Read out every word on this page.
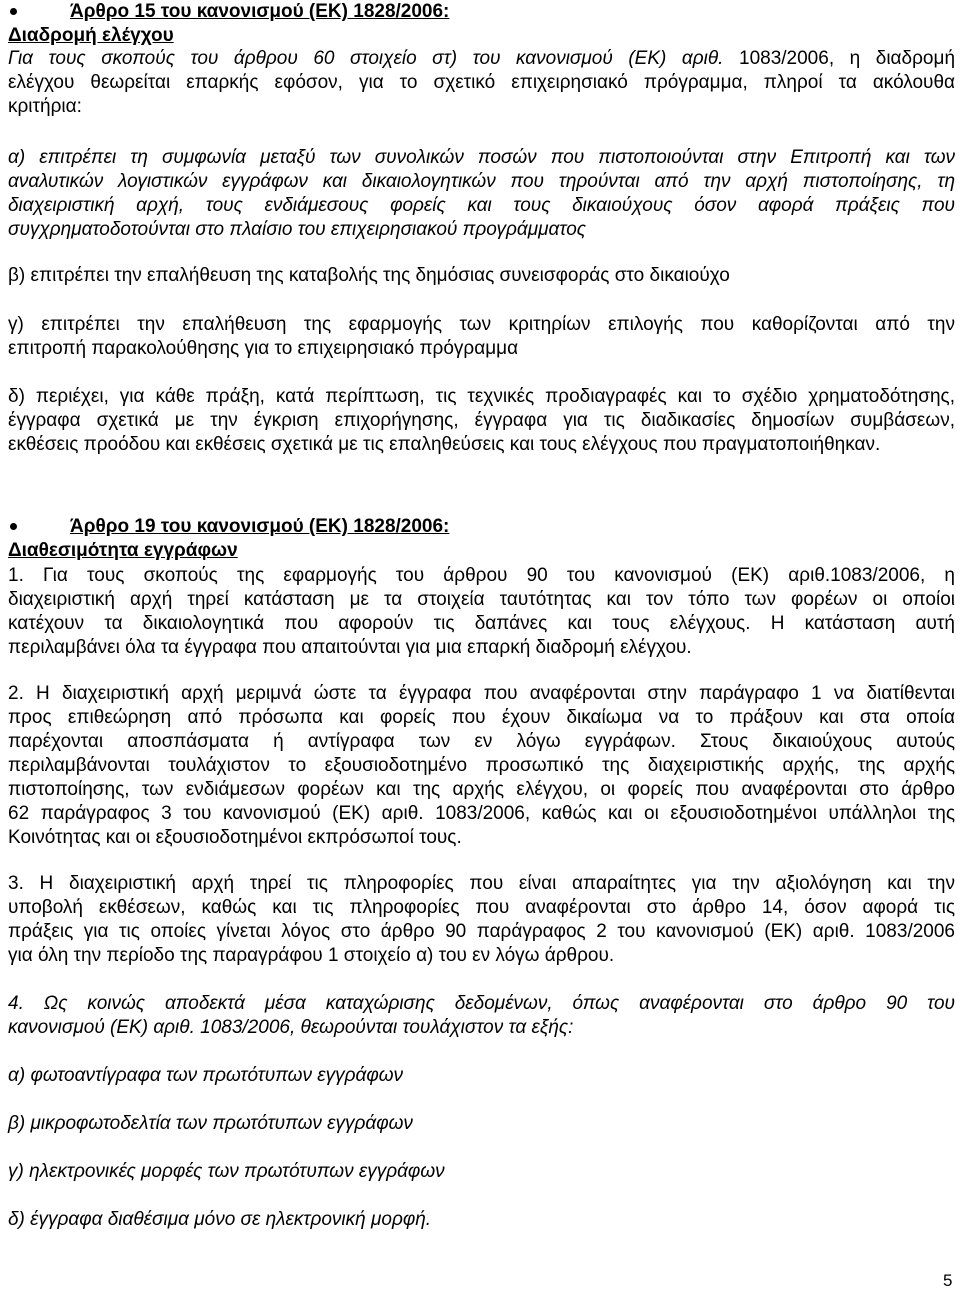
Άρθρο 15 του κανονισμού (ΕΚ) 1828/2006:
Διαδρομή ελέγχου
Για τους σκοπούς του άρθρου 60 στοιχείο στ) του κανονισμού (ΕΚ) αριθ. 1083/2006, η διαδρομή
ελέγχου θεωρείται επαρκής εφόσον, για το σχετικό επιχειρησιακό πρόγραμμα, πληροί τα ακόλουθα
κριτήρια:
α) επιτρέπει τη συμφωνία μεταξύ των συνολικών ποσών που πιστοποιούνται στην Επιτροπή και των
αναλυτικών λογιστικών εγγράφων και δικαιολογητικών που τηρούνται από την αρχή πιστοποίησης, τη
διαχειριστική αρχή, τους ενδιάμεσους φορείς και τους δικαιούχους όσον αφορά πράξεις που
συγχρηματοδοτούνται στο πλαίσιο του επιχειρησιακού προγράμματος
β) επιτρέπει την επαλήθευση της καταβολής της δημόσιας συνεισφοράς στο δικαιούχο
γ) επιτρέπει την επαλήθευση της εφαρμογής των κριτηρίων επιλογής που καθορίζονται από την
επιτροπή παρακολούθησης για το επιχειρησιακό πρόγραμμα
δ) περιέχει, για κάθε πράξη, κατά περίπτωση, τις τεχνικές προδιαγραφές και το σχέδιο χρηματοδότησης,
έγγραφα σχετικά με την έγκριση επιχορήγησης, έγγραφα για τις διαδικασίες δημοσίων συμβάσεων,
εκθέσεις προόδου και εκθέσεις σχετικά με τις επαληθεύσεις και τους ελέγχους που πραγματοποιήθηκαν.
Άρθρο 19 του κανονισμού (ΕΚ) 1828/2006:
Διαθεσιμότητα εγγράφων
1. Για τους σκοπούς της εφαρμογής του άρθρου 90 του κανονισμού (ΕΚ) αριθ.1083/2006, η
διαχειριστική αρχή τηρεί κατάσταση με τα στοιχεία ταυτότητας και τον τόπο των φορέων οι οποίοι
κατέχουν τα δικαιολογητικά που αφορούν τις δαπάνες και τους ελέγχους. Η κατάσταση αυτή
περιλαμβάνει όλα τα έγγραφα που απαιτούνται για μια επαρκή διαδρομή ελέγχου.
2. Η διαχειριστική αρχή μεριμνά ώστε τα έγγραφα που αναφέρονται στην παράγραφο 1 να διατίθενται
προς επιθεώρηση από πρόσωπα και φορείς που έχουν δικαίωμα να το πράξουν και στα οποία
παρέχονται αποσπάσματα ή αντίγραφα των εν λόγω εγγράφων. Στους δικαιούχους αυτούς
περιλαμβάνονται τουλάχιστον το εξουσιοδοτημένο προσωπικό της διαχειριστικής αρχής, της αρχής
πιστοποίησης, των ενδιάμεσων φορέων και της αρχής ελέγχου, οι φορείς που αναφέρονται στο άρθρο
62 παράγραφος 3 του κανονισμού (ΕΚ) αριθ. 1083/2006, καθώς και οι εξουσιοδοτημένοι υπάλληλοι της
Κοινότητας και οι εξουσιοδοτημένοι εκπρόσωποί τους.
3. Η διαχειριστική αρχή τηρεί τις πληροφορίες που είναι απαραίτητες για την αξιολόγηση και την
υποβολή εκθέσεων, καθώς και τις πληροφορίες που αναφέρονται στο άρθρο 14, όσον αφορά τις
πράξεις για τις οποίες γίνεται λόγος στο άρθρο 90 παράγραφος 2 του κανονισμού (ΕΚ) αριθ. 1083/2006
για όλη την περίοδο της παραγράφου 1 στοιχείο α) του εν λόγω άρθρου.
4. Ως κοινώς αποδεκτά μέσα καταχώρισης δεδομένων, όπως αναφέρονται στο άρθρο 90 του
κανονισμού (ΕΚ) αριθ. 1083/2006, θεωρούνται τουλάχιστον τα εξής:
α) φωτοαντίγραφα των πρωτότυπων εγγράφων
β) μικροφωτοδελτία των πρωτότυπων εγγράφων
γ) ηλεκτρονικές μορφές των πρωτότυπων εγγράφων
δ) έγγραφα διαθέσιμα μόνο σε ηλεκτρονική μορφή.
5
